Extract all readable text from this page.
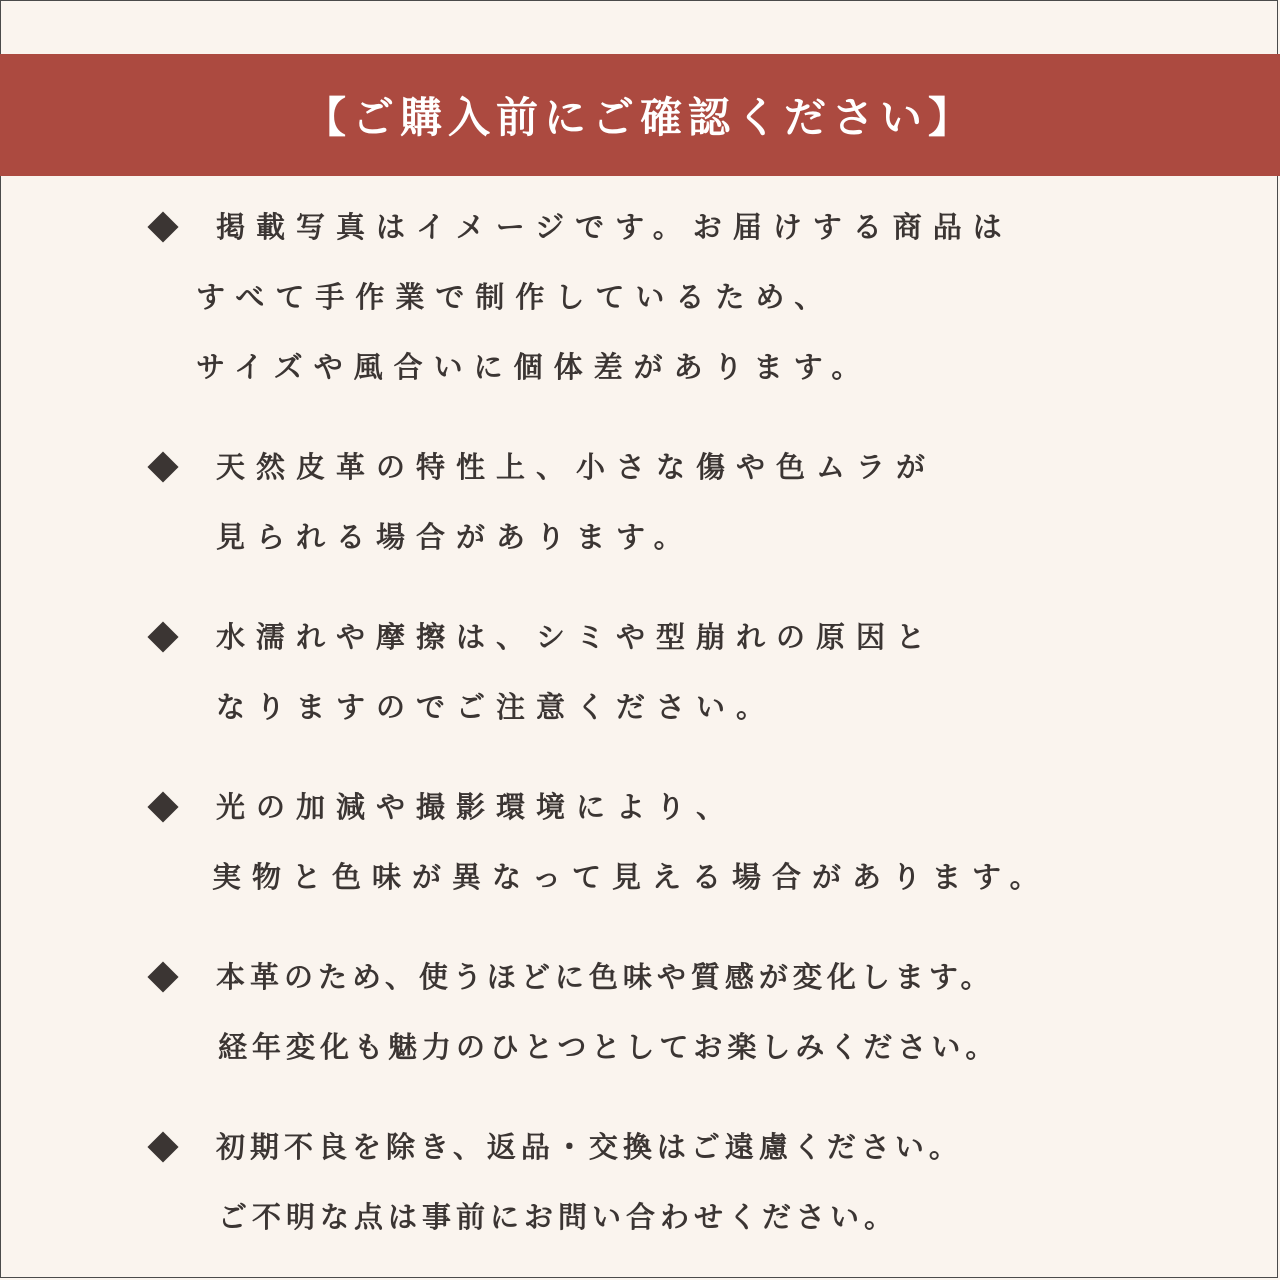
【ご購入前にご確認ください】
掲載写真はイメージです。お届けする商品は
すべて手作業で制作しているため、
サイズや風合いに個体差があります。
天然皮革の特性上、小さな傷や色ムラが
見られる場合があります。
水濡れや摩擦は、シミや型崩れの原因と
なりますのでご注意ください。
光の加減や撮影環境により、
実物と色味が異なって見える場合があります。
本革のため、使うほどに色味や質感が変化します。
経年変化も魅力のひとつとしてお楽しみください。
初期不良を除き、返品・交換はご遠慮ください。
ご不明な点は事前にお問い合わせください。
